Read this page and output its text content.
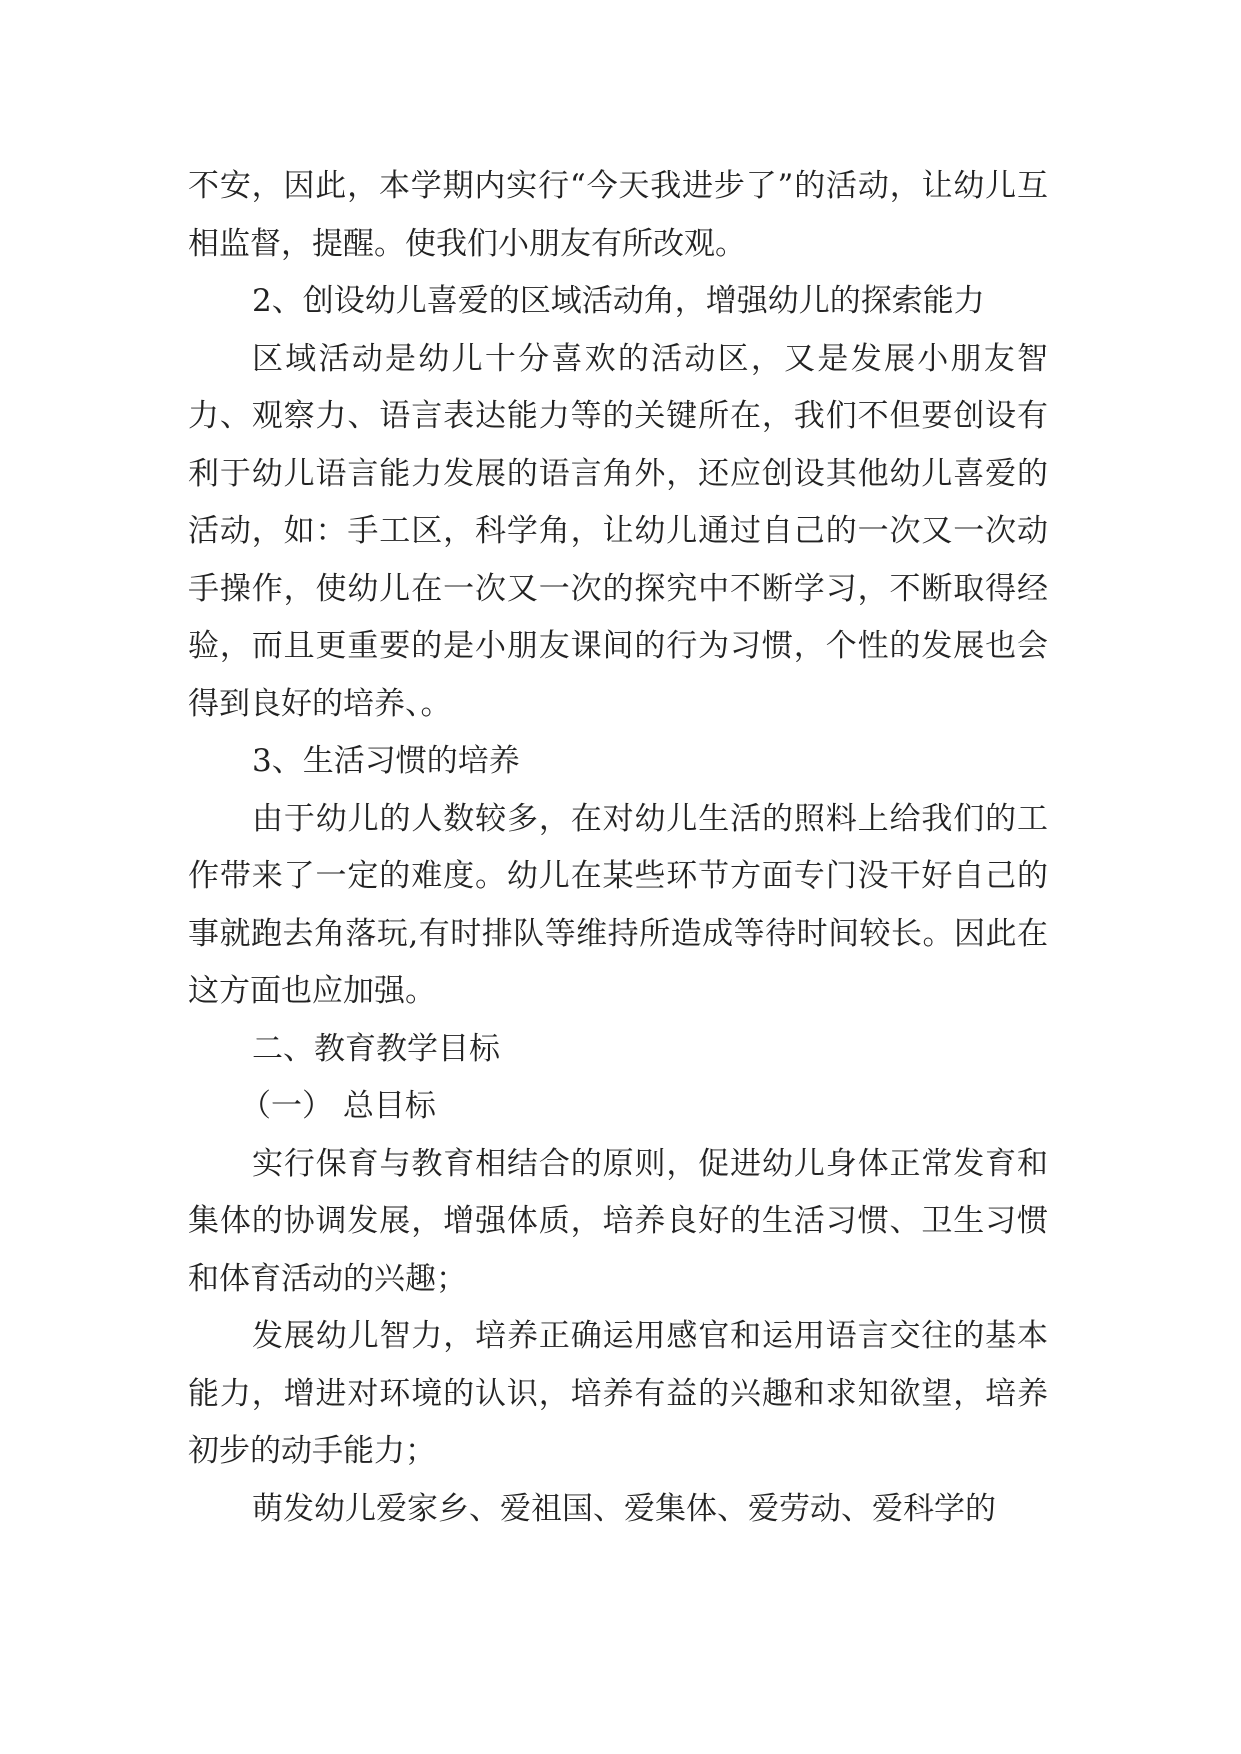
不安，因此，本学期内实行“今天我进步了”的活动，让幼儿互相监督，提醒。使我们小朋友有所改观。

2、创设幼儿喜爱的区域活动角，增强幼儿的探索能力

区域活动是幼儿十分喜欢的活动区，又是发展小朋友智力、观察力、语言表达能力等的关键所在，我们不但要创设有利于幼儿语言能力发展的语言角外，还应创设其他幼儿喜爱的活动，如：手工区，科学角，让幼儿通过自己的一次又一次动手操作，使幼儿在一次又一次的探究中不断学习，不断取得经验，而且更重要的是小朋友课间的行为习惯，个性的发展也会得到良好的培养、。

3、生活习惯的培养

由于幼儿的人数较多，在对幼儿生活的照料上给我们的工作带来了一定的难度。幼儿在某些环节方面专门没干好自己的事就跑去角落玩,有时排队等维持所造成等待时间较长。因此在这方面也应加强。

二、教育教学目标

（一） 总目标

实行保育与教育相结合的原则，促进幼儿身体正常发育和集体的协调发展，增强体质，培养良好的生活习惯、卫生习惯和体育活动的兴趣；

发展幼儿智力，培养正确运用感官和运用语言交往的基本能力，增进对环境的认识，培养有益的兴趣和求知欲望，培养初步的动手能力；

萌发幼儿爱家乡、爱祖国、爱集体、爱劳动、爱科学的
